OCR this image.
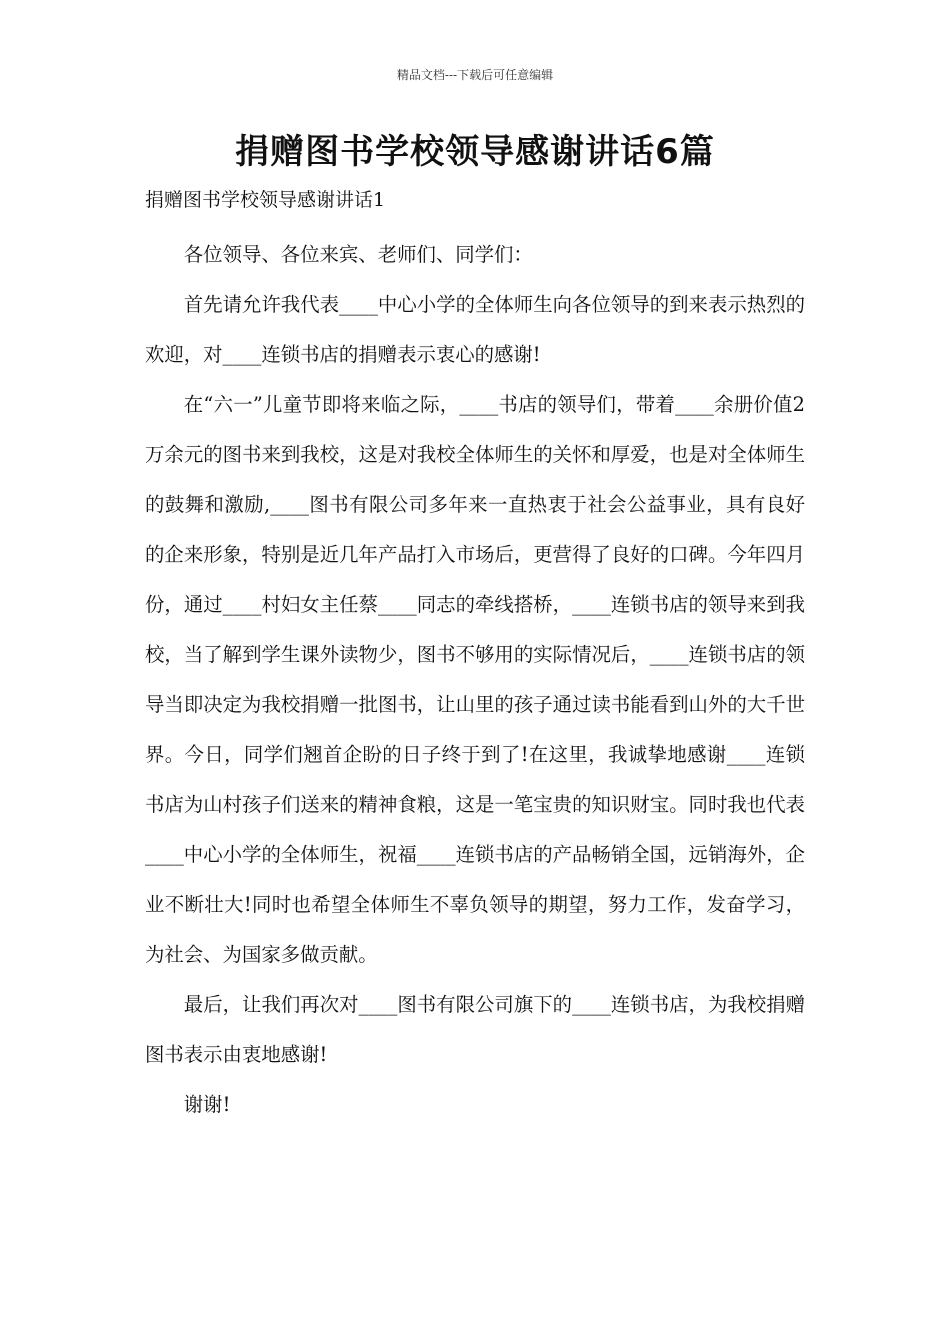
精品文档---下载后可任意编辑
捐赠图书学校领导感谢讲话6篇
捐赠图书学校领导感谢讲话1

各位领导、各位来宾、老师们、同学们：

首先请允许我代表____中心小学的全体师生向各位领导的到来表示热烈的欢迎，对____连锁书店的捐赠表示衷心的感谢!

在“六一”儿童节即将来临之际，____书店的领导们，带着____余册价值2万余元的图书来到我校，这是对我校全体师生的关怀和厚爱，也是对全体师生的鼓舞和激励,____图书有限公司多年来一直热衷于社会公益事业，具有良好的企来形象，特别是近几年产品打入市场后，更营得了良好的口碑。今年四月份，通过____村妇女主任蔡____同志的牵线搭桥，____连锁书店的领导来到我校，当了解到学生课外读物少，图书不够用的实际情况后，____连锁书店的领导当即决定为我校捐赠一批图书，让山里的孩子通过读书能看到山外的大千世界。今日，同学们翘首企盼的日子终于到了!在这里，我诚挚地感谢____连锁书店为山村孩子们送来的精神食粮，这是一笔宝贵的知识财宝。同时我也代表____中心小学的全体师生，祝福____连锁书店的产品畅销全国，远销海外，企业不断壮大!同时也希望全体师生不辜负领导的期望，努力工作，发奋学习，为社会、为国家多做贡献。

最后，让我们再次对____图书有限公司旗下的____连锁书店，为我校捐赠图书表示由衷地感谢!

谢谢!
